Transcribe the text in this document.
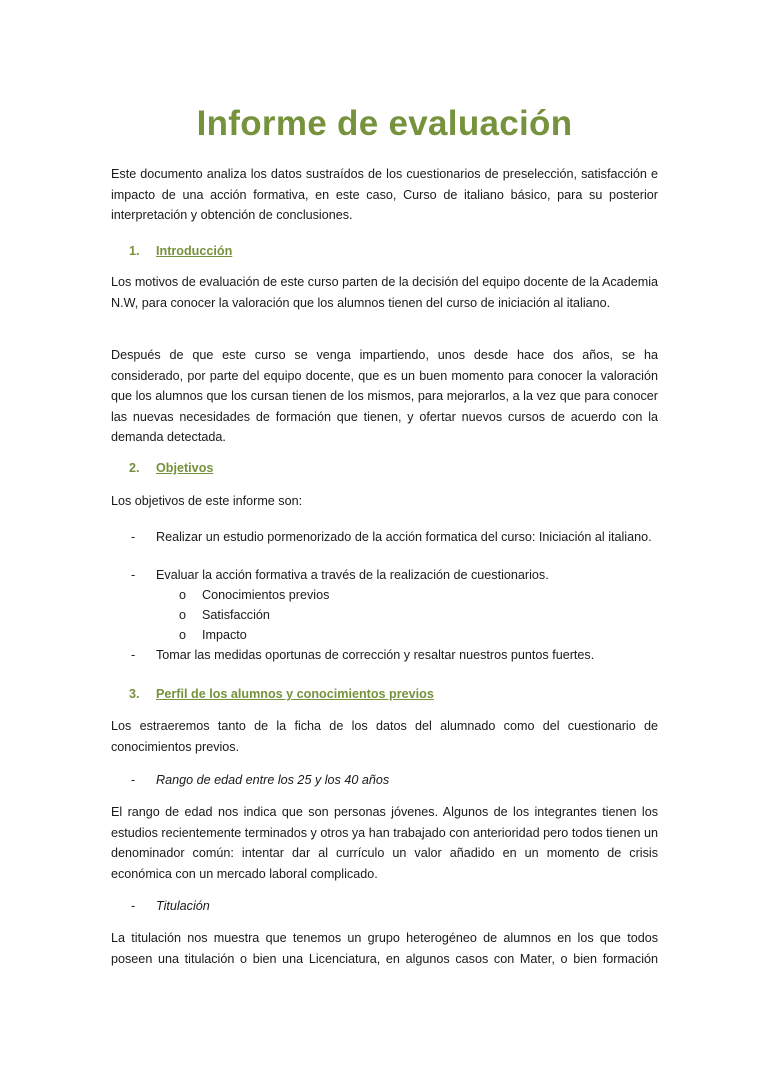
Informe de evaluación

Este documento analiza los datos sustraídos de los cuestionarios de preselección, satisfacción e impacto de una acción formativa, en este caso, Curso de italiano básico, para su posterior interpretación y obtención de conclusiones.

1. Introducción

Los motivos de evaluación de este curso parten de la decisión del equipo docente de la Academia N.W, para conocer la valoración que los alumnos tienen del curso de iniciación al italiano.

Después de que este curso se venga impartiendo, unos desde hace dos años, se ha considerado, por parte del equipo docente, que es un buen momento para conocer la valoración que los alumnos que los cursan tienen de los mismos, para mejorarlos, a la vez que para conocer las nuevas necesidades de formación que tienen, y ofertar nuevos cursos de acuerdo con la demanda detectada.

2. Objetivos

Los objetivos de este informe son:

- Realizar un estudio pormenorizado de la acción formatica del curso: Iniciación al italiano.
- Evaluar la acción formativa a través de la realización de cuestionarios.
o Conocimientos previos
o Satisfacción
o Impacto
- Tomar las medidas oportunas de corrección y resaltar nuestros puntos fuertes.
3. Perfil de los alumnos y conocimientos previos

Los estraeremos tanto de la ficha de los datos del alumnado como del cuestionario de conocimientos previos.

- Rango de edad entre los 25 y los 40 años

El rango de edad nos indica que son personas jóvenes. Algunos de los integrantes tienen los estudios recientemente terminados y otros ya han trabajado con anterioridad pero todos tienen un denominador común: intentar dar al currículo un valor añadido en un momento de crisis económica con un mercado laboral complicado.

- Titulación

La titulación nos muestra que tenemos un grupo heterogéneo de alumnos en los que todos poseen una titulación o bien una Licenciatura, en algunos casos con Mater, o bien formación
